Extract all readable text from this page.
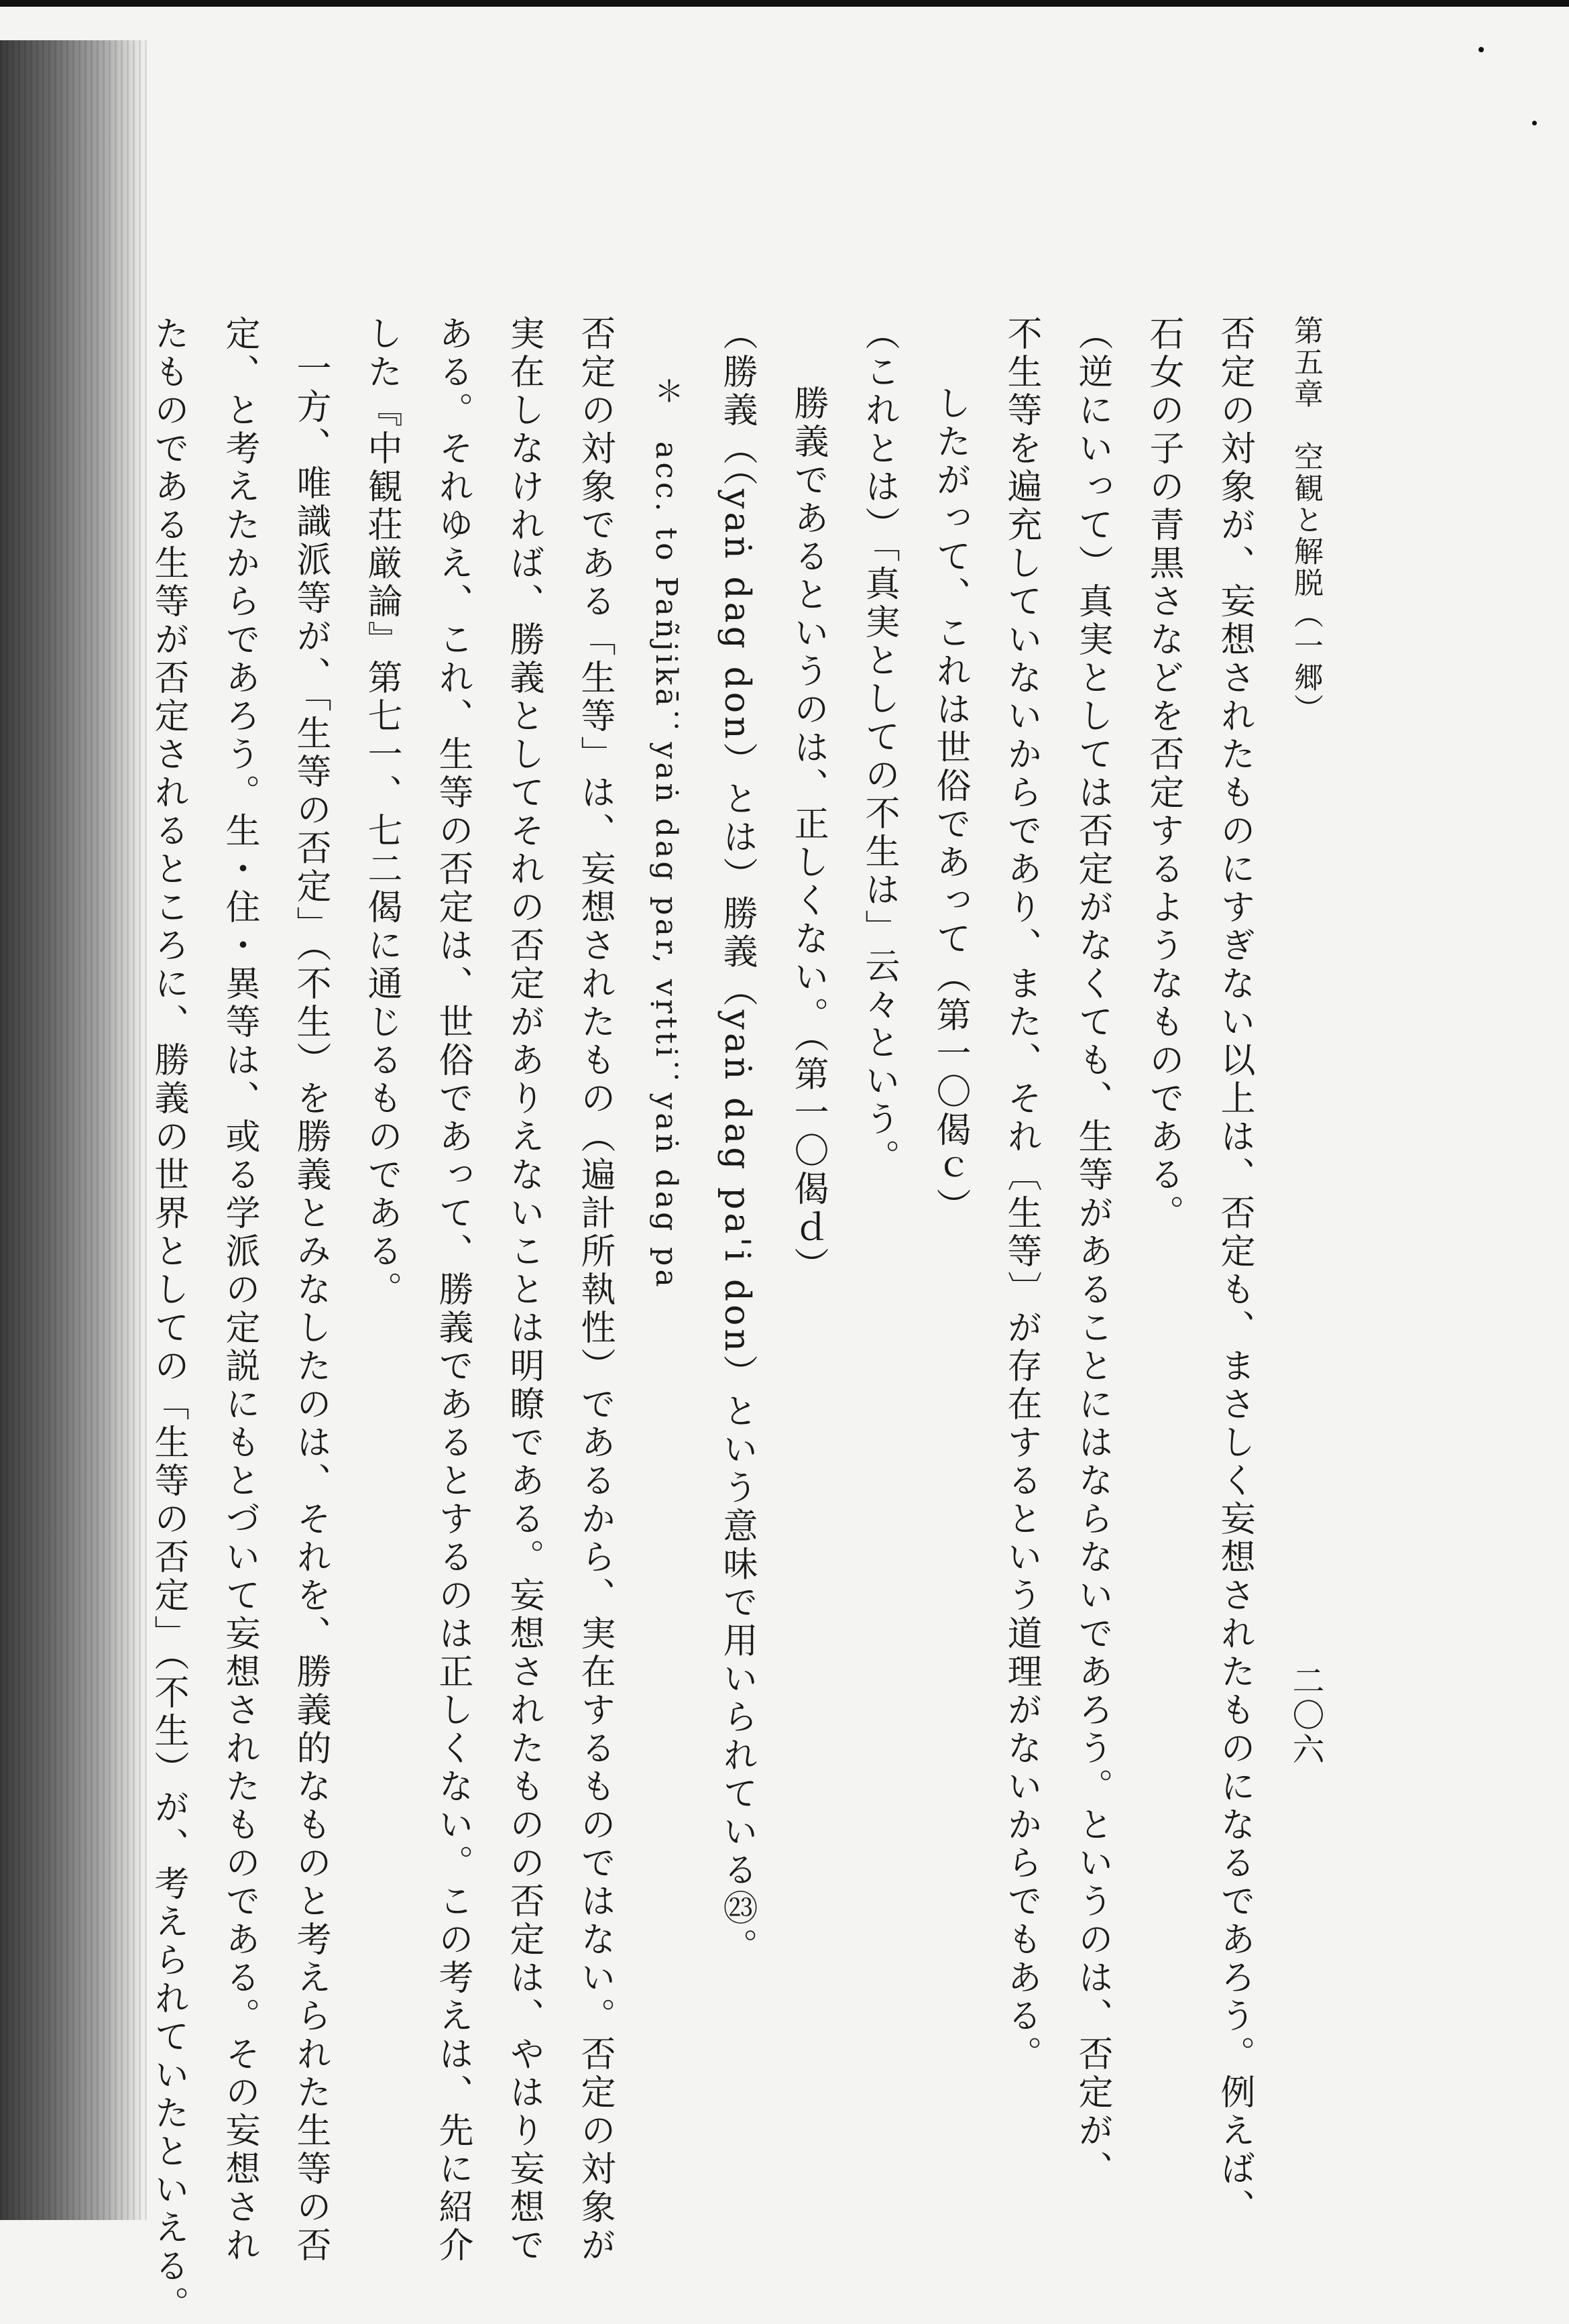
第五章　空観と解脱（一郷）二〇六
否定の対象が、妄想されたものにすぎない以上は、否定も、まさしく妄想されたものになるであろう。例えば、
石女の子の青黒さなどを否定するようなものである。
（逆にいって）真実としては否定がなくても、生等があることにはならないであろう。というのは、否定が、
不生等を遍充していないからであり、また、それ〔生等〕が存在するという道理がないからでもある。
したがって、これは世俗であって（第一〇偈ｃ）
（これとは）「真実としての不生は」云々という。
勝義であるというのは、正しくない。（第一〇偈ｄ）
（勝義（（yaṅ dag don）とは）勝義（yaṅ dag pa'i don）という意味で用いられている㉓。
＊　acc. to Pañjikā：yaṅ dag par, vṛtti：yaṅ dag pa
否定の対象である「生等」は、妄想されたもの（遍計所執性）であるから、実在するものではない。否定の対象が
実在しなければ、勝義としてそれの否定がありえないことは明瞭である。妄想されたものの否定は、やはり妄想で
ある。それゆえ、これ、生等の否定は、世俗であって、勝義であるとするのは正しくない。この考えは、先に紹介
した『中観荘厳論』第七一、七二偈に通じるものである。
一方、唯識派等が、「生等の否定」（不生）を勝義とみなしたのは、それを、勝義的なものと考えられた生等の否
定、と考えたからであろう。生・住・異等は、或る学派の定説にもとづいて妄想されたものである。その妄想され
たものである生等が否定されるところに、勝義の世界としての「生等の否定」（不生）が、考えられていたといえる。
